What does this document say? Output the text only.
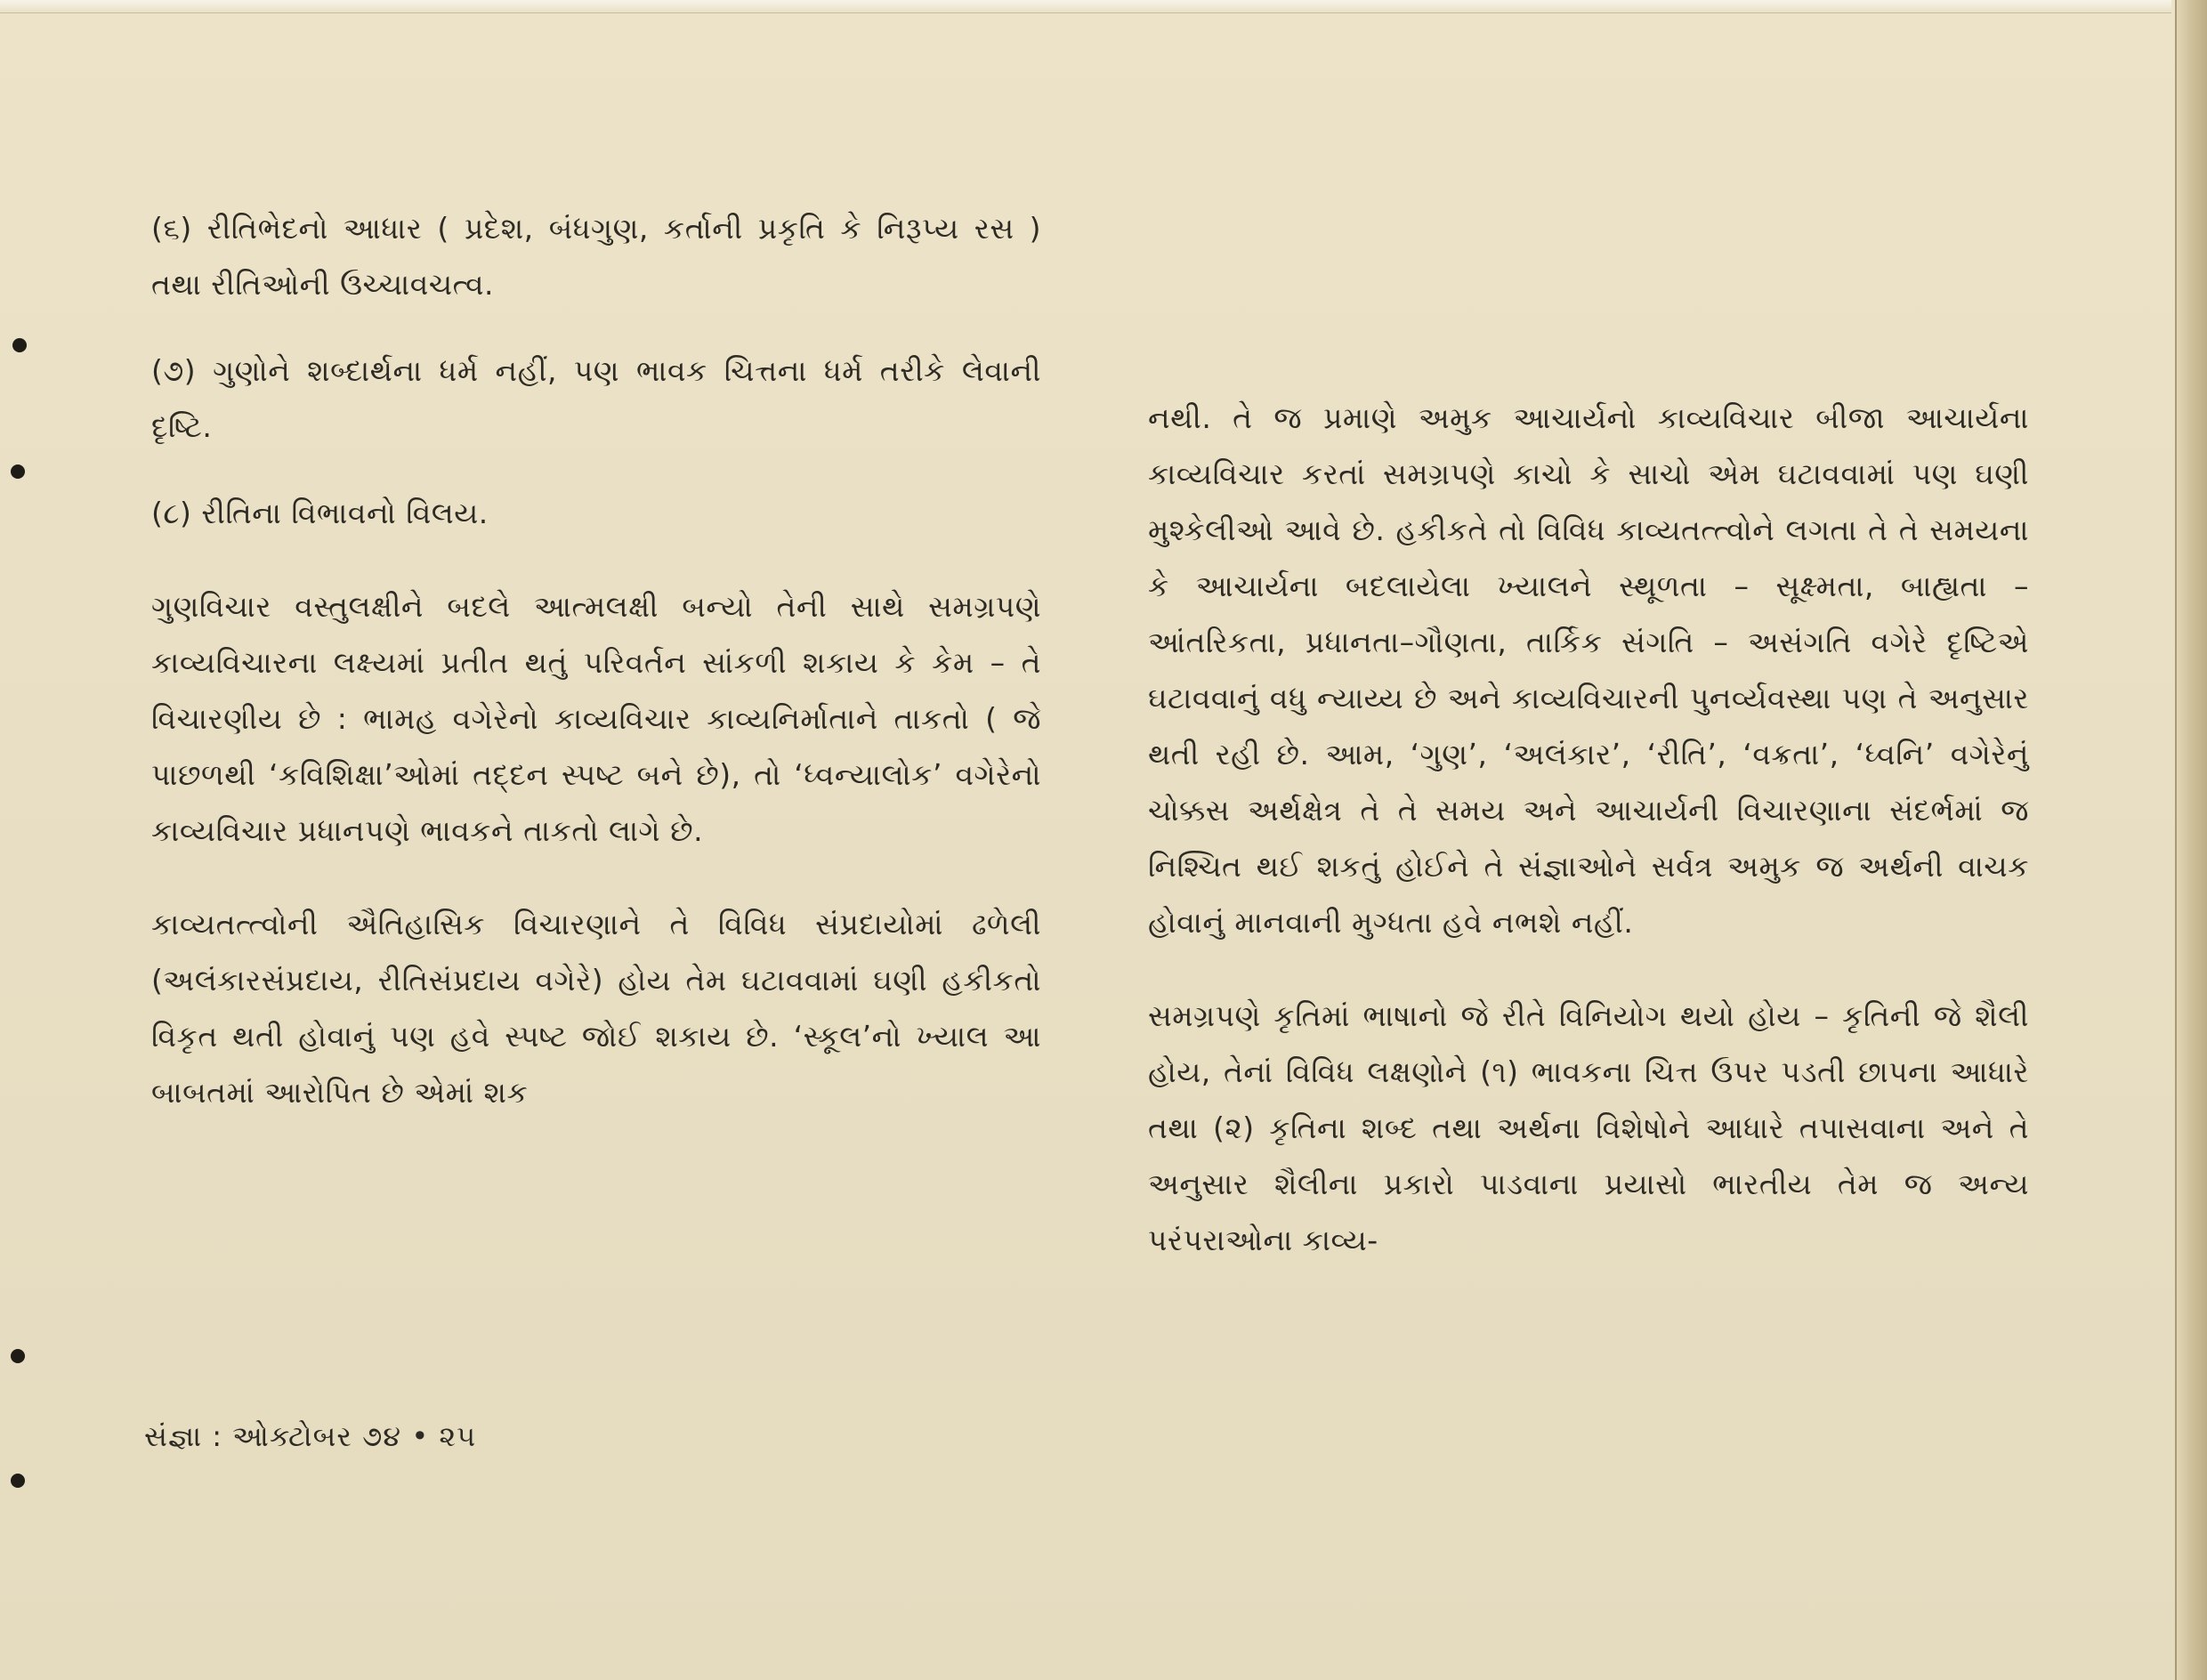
(૬) રીતિભેદનો આધાર ( પ્રદેશ, બંધગુણ, કર્તાની પ્રકૃતિ કે નિરૂપ્ય રસ ) તથા રીતિઓની ઉચ્ચાવચત્વ.

(૭) ગુણોને શબ્દાર્થના ધર્મ નહીં, પણ ભાવક ચિત્તના ધર્મ તરીકે લેવાની દૃષ્ટિ.

(૮) રીતિના વિભાવનો વિલય.

ગુણવિચાર વસ્તુલક્ષીને બદલે આત્મલક્ષી બન્યો તેની સાથે સમગ્રપણે કાવ્યવિચારના લક્ષ્યમાં પ્રતીત થતું પરિવર્તન સાંકળી શકાય કે કેમ – તે વિચારણીય છે : ભામહ વગેરેનો કાવ્યવિચાર કાવ્યનિર્માતાને તાકતો ( જે પાછળથી ‘કવિશિક્ષા’ઓમાં તદ્દન સ્પષ્ટ બને છે), તો ‘ધ્વન્યાલોક’ વગેરેનો કાવ્યવિચાર પ્રધાનપણે ભાવકને તાકતો લાગે છે.

કાવ્યતત્ત્વોની ઐતિહાસિક વિચારણાને તે વિવિધ સંપ્રદાયોમાં ઢળેલી (અલંકારસંપ્રદાય, રીતિસંપ્રદાય વગેરે) હોય તેમ ઘટાવવામાં ઘણી હકીકતો વિકૃત થતી હોવાનું પણ હવે સ્પષ્ટ જોઈ શકાય છે. ‘સ્કૂલ’નો ખ્યાલ આ બાબતમાં આરોપિત છે એમાં શક

નથી. તે જ પ્રમાણે અમુક આચાર્યનો કાવ્યવિચાર બીજા આચાર્યના કાવ્યવિચાર કરતાં સમગ્રપણે કાચો કે સાચો એમ ઘટાવવામાં પણ ઘણી મુશ્કેલીઓ આવે છે. હકીકતે તો વિવિધ કાવ્યતત્ત્વોને લગતા તે તે સમયના કે આચાર્યના બદલાયેલા ખ્યાલને સ્થૂળતા – સૂક્ષ્મતા, બાહ્યતા – આંતરિકતા, પ્રધાનતા–ગૌણતા, તાર્કિક સંગતિ – અસંગતિ વગેરે દૃષ્ટિએ ઘટાવવાનું વધુ ન્યાય્ય છે અને કાવ્યવિચારની પુનર્વ્યવસ્થા પણ તે અનુસાર થતી રહી છે. આમ, ‘ગુણ’, ‘અલંકાર’, ‘રીતિ’, ‘વક્રતા’, ‘ધ્વનિ’ વગેરેનું ચોક્કસ અર્થક્ષેત્ર તે તે સમય અને આચાર્યની વિચારણાના સંદર્ભમાં જ નિશ્ચિત થઈ શકતું હોઈને તે સંજ્ઞાઓને સર્વત્ર અમુક જ અર્થની વાચક હોવાનું માનવાની મુગ્ધતા હવે નભશે નહીં.

સમગ્રપણે કૃતિમાં ભાષાનો જે રીતે વિનિયોગ થયો હોય – કૃતિની જે શૈલી હોય, તેનાં વિવિધ લક્ષણોને (૧) ભાવકના ચિત્ત ઉપર પડતી છાપના આધારે તથા (૨) કૃતિના શબ્દ તથા અર્થના વિશેષોને આધારે તપાસવાના અને તે અનુસાર શૈલીના પ્રકારો પાડવાના પ્રયાસો ભારતીય તેમ જ અન્ય પરંપરાઓના કાવ્ય-

સંજ્ઞા : ઓક્ટોબર ૭૪ • ૨૫
